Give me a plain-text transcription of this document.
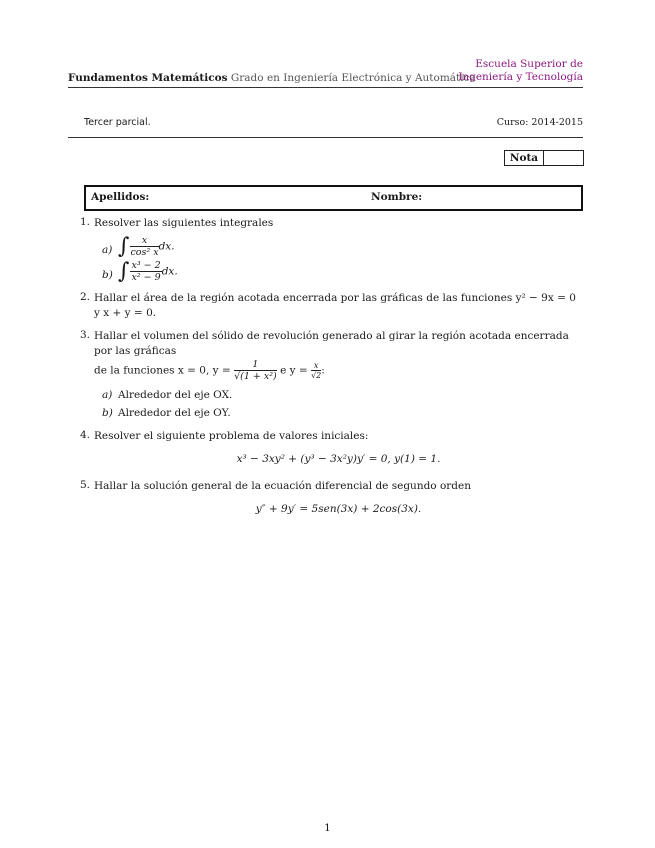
Fundamentos Matemáticos Grado en Ingeniería Electrónica y Automática
Escuela Superior de
Ingeniería y Tecnología
Tercer parcial.	Curso: 2014-2015
Nota
Apellidos:	Nombre:
1. Resolver las siguientes integrales

a) ∫ $\frac{x}{\text{cos² x}}$ dx.
b) ∫ $\frac{\text{x³ − 2}}{\text{x² − 9}}$ dx.
2. Hallar el área de la región acotada encerrada por las gráficas de las funciones y² − 9x = 0 y x + y = 0.

3. Hallar el volumen del sólido de revolución generado al girar la región acotada encerrada por las gráficas

de la funciones x = 0, $y = \frac{1}{\text{√(1 + x²)}}$ e $y = \frac{x}{√2}$ :

a) Alrededor del eje OX.
b) Alrededor del eje OY.
4. Resolver el siguiente problema de valores iniciales:

x³ − 3xy² + (y³ − 3x²y)y′ = 0, y(1) = 1.

5. Hallar la solución general de la ecuación diferencial de segundo orden

y″ + 9y′ = 5sen(3x) + 2cos(3x).

1
